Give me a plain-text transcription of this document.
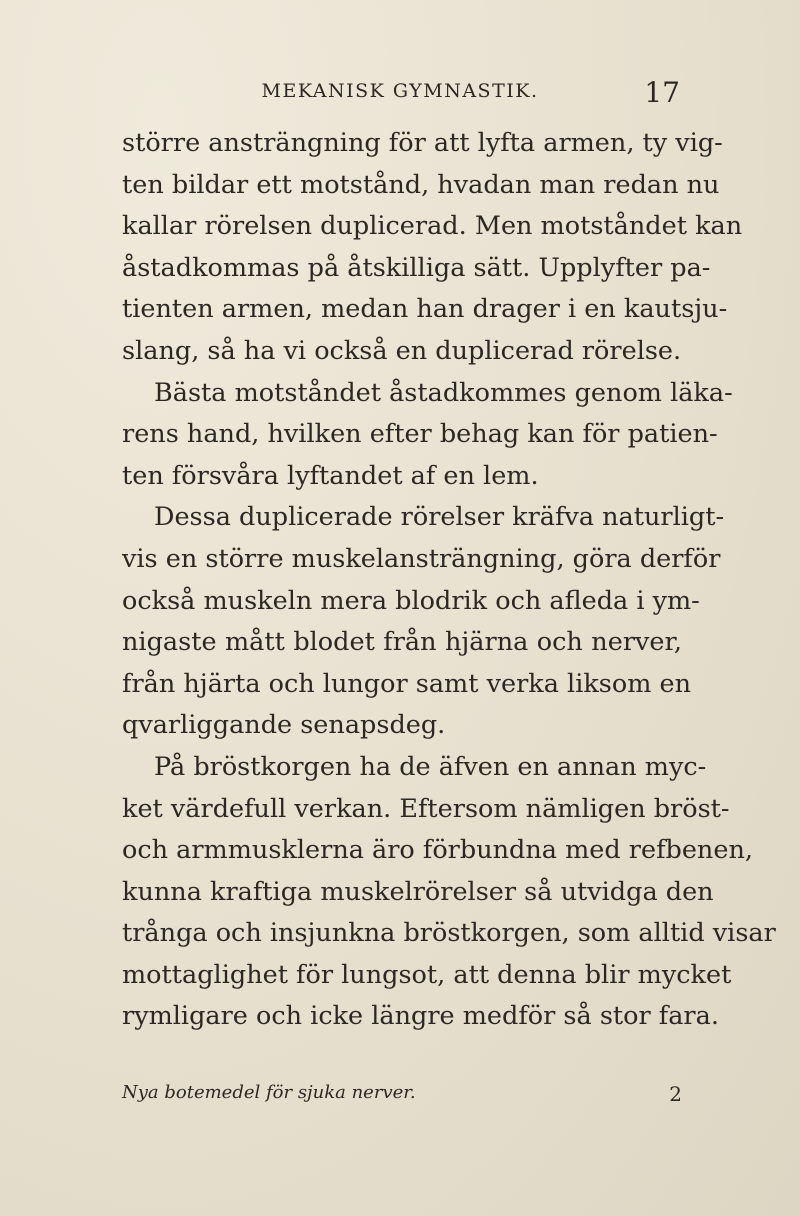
MEKANISK GYMNASTIK.	17
större ansträngning för att lyfta armen, ty vig-
ten bildar ett motstånd, hvadan man redan nu
kallar rörelsen duplicerad. Men motståndet kan
åstadkommas på åtskilliga sätt. Upplyfter pa-
tienten armen, medan han drager i en kautsju-
slang, så ha vi också en duplicerad rörelse.
Bästa motståndet åstadkommes genom läka-
rens hand, hvilken efter behag kan för patien-
ten försvåra lyftandet af en lem.
Dessa duplicerade rörelser kräfva naturligt-
vis en större muskelansträngning, göra derför
också muskeln mera blodrik och afleda i ym-
nigaste mått blodet från hjärna och nerver,
från hjärta och lungor samt verka liksom en
qvarliggande senapsdeg.
På bröstkorgen ha de äfven en annan myc-
ket värdefull verkan. Eftersom nämligen bröst-
och armmusklerna äro förbundna med refbenen,
kunna kraftiga muskelrörelser så utvidga den
trånga och insjunkna bröstkorgen, som alltid visar
mottaglighet för lungsot, att denna blir mycket
rymligare och icke längre medför så stor fara.
Nya botemedel för sjuka nerver.	2
